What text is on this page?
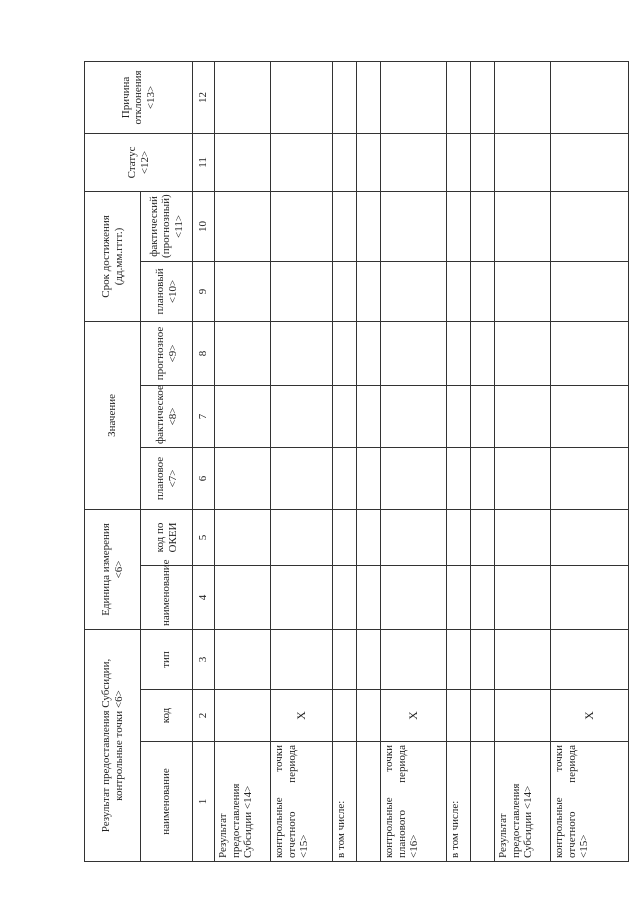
Результат предоставления Субсидии, контрольные точки <6>			Единица измерения <6>		Значение			Срок достижения (дд.мм.гггг.)		Статус <12>	Причина отклонения <13>
наименование	код	тип	наименование	код по ОКЕИ	плановое <7>	фактическое <8>	прогнозное <9>	плановый <10>	фактический (прогнозный) <11>		
1	2	3	4	5	6	7	8	9	10	11	12
Результат предоставления Субсидии <14>											
контрольные точки отчетного периода <15>	X										
в том числе:											

контрольные точки планового периода <16>	X										
в том числе:											

Результат предоставления Субсидии <14>											
контрольные точки отчетного периода <15>	X										
